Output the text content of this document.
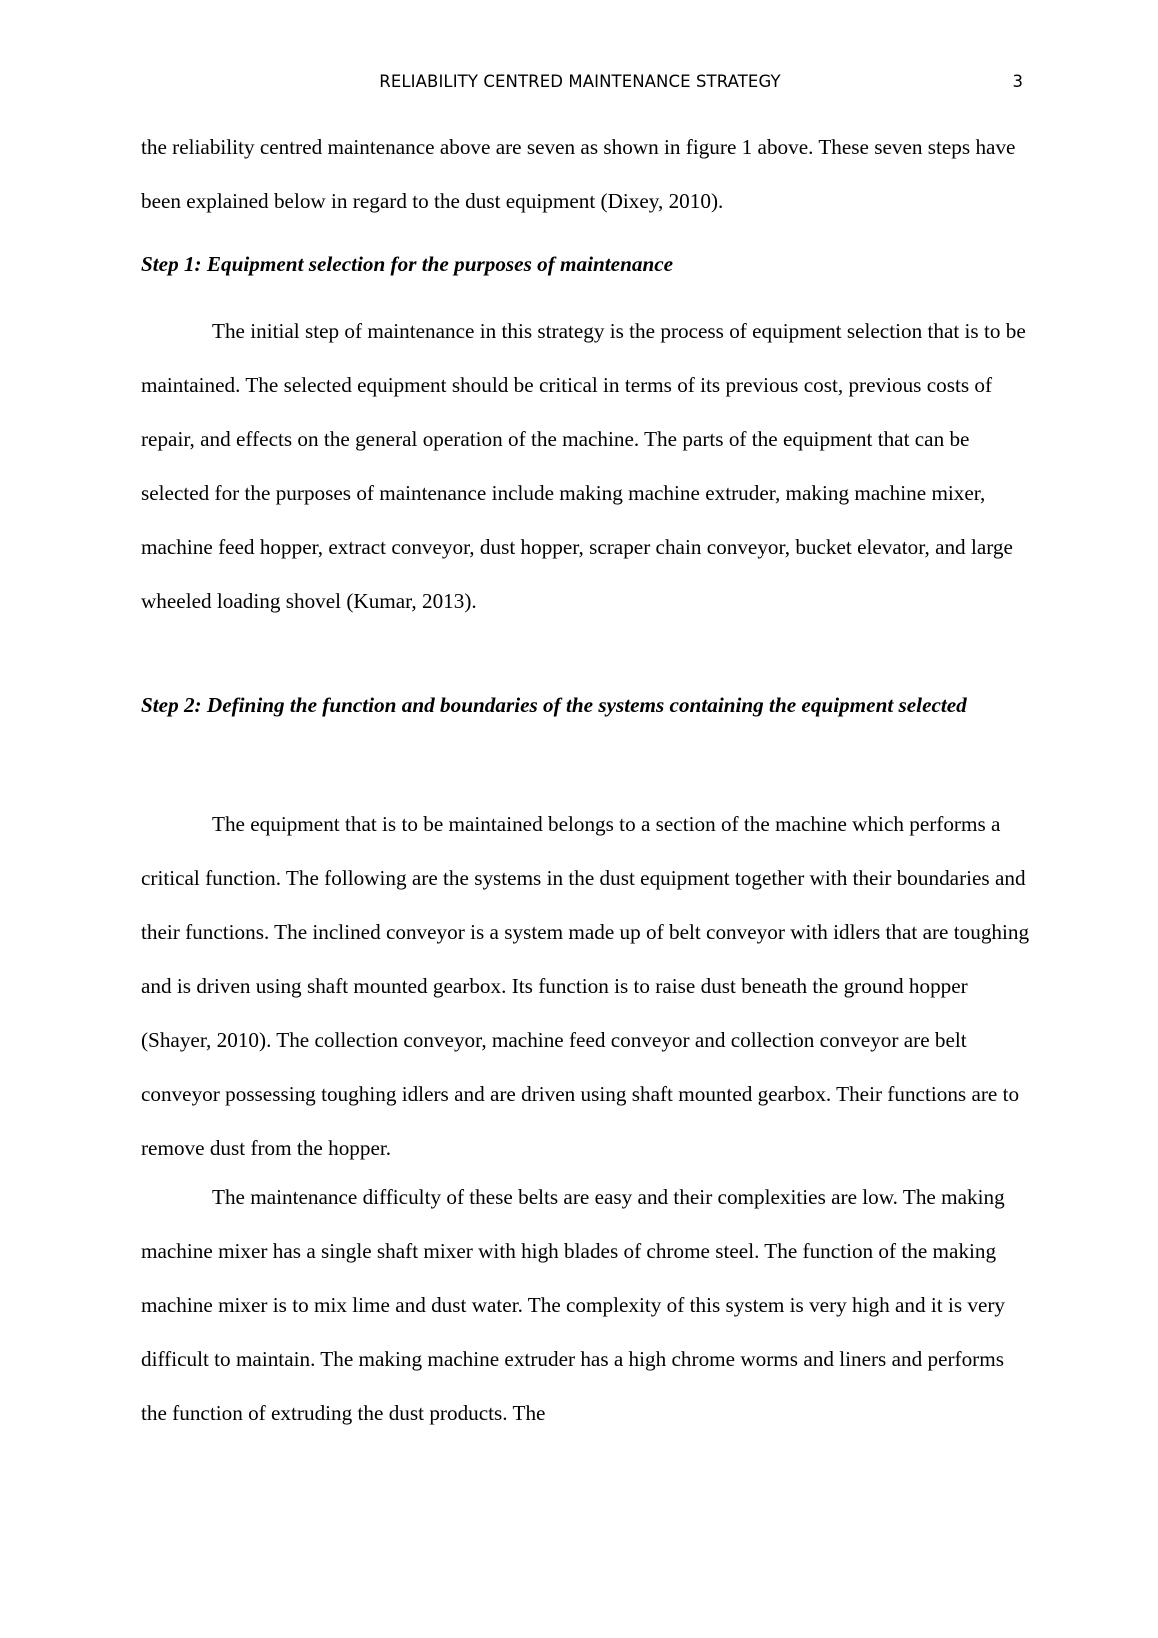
RELIABILITY CENTRED MAINTENANCE STRATEGY	3

the reliability centred maintenance above are seven as shown in figure 1 above. These seven steps have been explained below in regard to the dust equipment (Dixey, 2010).

Step 1: Equipment selection for the purposes of maintenance

The initial step of maintenance in this strategy is the process of equipment selection that is to be maintained. The selected equipment should be critical in terms of its previous cost, previous costs of repair, and effects on the general operation of the machine. The parts of the equipment that can be selected for the purposes of maintenance include making machine extruder, making machine mixer, machine feed hopper, extract conveyor, dust hopper, scraper chain conveyor, bucket elevator, and large wheeled loading shovel (Kumar, 2013).

Step 2: Defining the function and boundaries of the systems containing the equipment selected

The equipment that is to be maintained belongs to a section of the machine which performs a critical function. The following are the systems in the dust equipment together with their boundaries and their functions. The inclined conveyor is a system made up of belt conveyor with idlers that are toughing and is driven using shaft mounted gearbox. Its function is to raise dust beneath the ground hopper (Shayer, 2010). The collection conveyor, machine feed conveyor and collection conveyor are belt conveyor possessing toughing idlers and are driven using shaft mounted gearbox. Their functions are to remove dust from the hopper.

The maintenance difficulty of these belts are easy and their complexities are low. The making machine mixer has a single shaft mixer with high blades of chrome steel. The function of the making machine mixer is to mix lime and dust water. The complexity of this system is very high and it is very difficult to maintain. The making machine extruder has a high chrome worms and liners and performs the function of extruding the dust products. The
